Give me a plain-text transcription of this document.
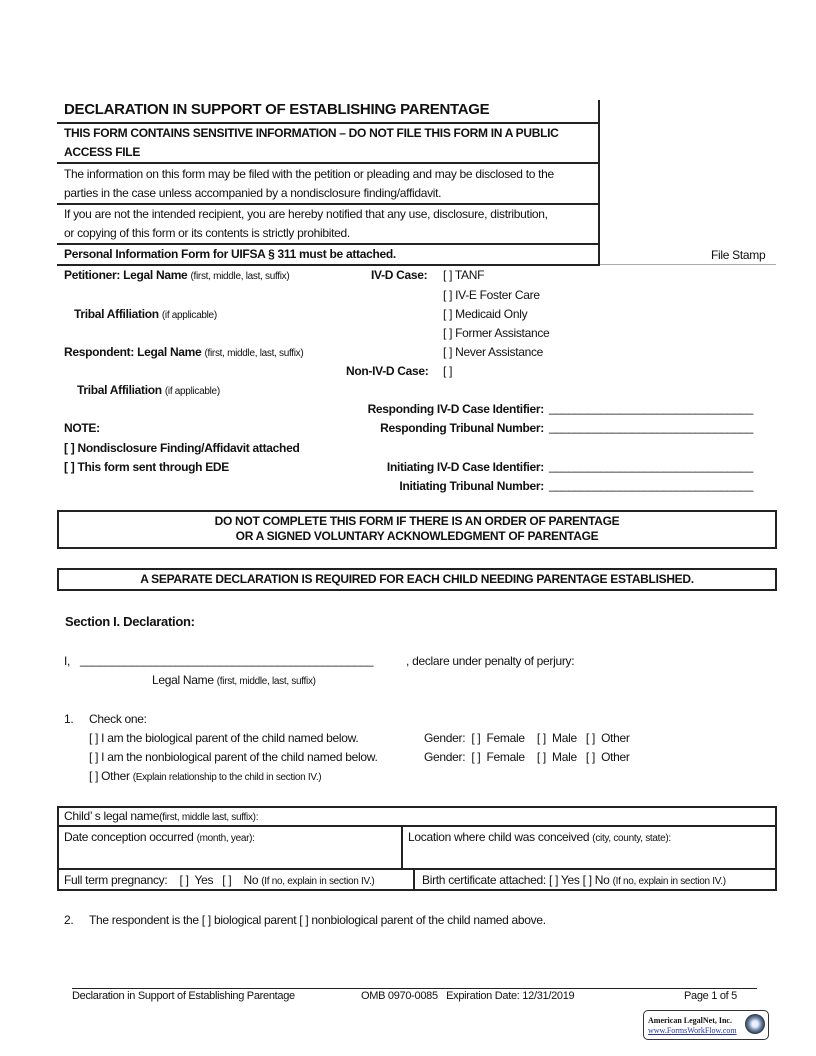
DECLARATION IN SUPPORT OF ESTABLISHING PARENTAGE
THIS FORM CONTAINS SENSITIVE INFORMATION – DO NOT FILE THIS FORM IN A PUBLIC
ACCESS FILE
The information on this form may be filed with the petition or pleading and may be disclosed to the
parties in the case unless accompanied by a nondisclosure finding/affidavit.
If you are not the intended recipient, you are hereby notified that any use, disclosure, distribution,
or copying of this form or its contents is strictly prohibited.
Personal Information Form for UIFSA § 311 must be attached.	File Stamp
Petitioner: Legal Name (first, middle, last, suffix)
Tribal Affiliation (if applicable)
Respondent: Legal Name (first, middle, last, suffix)
Tribal Affiliation (if applicable)
NOTE:
[ ] Nondisclosure Finding/Affidavit attached
[ ] This form sent through EDE
IV-D Case: [ ] TANF
[ ] IV-E Foster Care
[ ] Medicaid Only
[ ] Former Assistance
[ ] Never Assistance
Non-IV-D Case: [ ]
Responding IV-D Case Identifier: ________________________________
Responding Tribunal Number: ________________________________
Initiating IV-D Case Identifier: ________________________________
Initiating Tribunal Number: ________________________________
DO NOT COMPLETE THIS FORM IF THERE IS AN ORDER OF PARENTAGE
OR A SIGNED VOLUNTARY ACKNOWLEDGMENT OF PARENTAGE
A SEPARATE DECLARATION IS REQUIRED FOR EACH CHILD NEEDING PARENTAGE ESTABLISHED.
Section I. Declaration:
I, ______________________________________________	, declare under penalty of perjury:
Legal Name (first, middle, last, suffix)
1. Check one:
[ ] I am the biological parent of the child named below.	Gender:  [ ]  Female    [ ]  Male   [ ]  Other
[ ] I am the nonbiological parent of the child named below.	Gender:  [ ]  Female    [ ]  Male   [ ]  Other
[ ] Other (Explain relationship to the child in section IV.)
Child’ s legal name(first, middle last, suffix):
Date conception occurred (month, year):	Location where child was conceived (city, county, state):
Full term pregnancy:    [ ]  Yes   [ ]    No (If no, explain in section IV.)	Birth certificate attached: [ ] Yes [ ] No (If no, explain in section IV.)
2. The respondent is the [ ] biological parent [ ] nonbiological parent of the child named above.
Declaration in Support of Establishing Parentage	OMB 0970-0085   Expiration Date: 12/31/2019	Page 1 of 5
American LegalNet, Inc.
www.FormsWorkFlow.com
